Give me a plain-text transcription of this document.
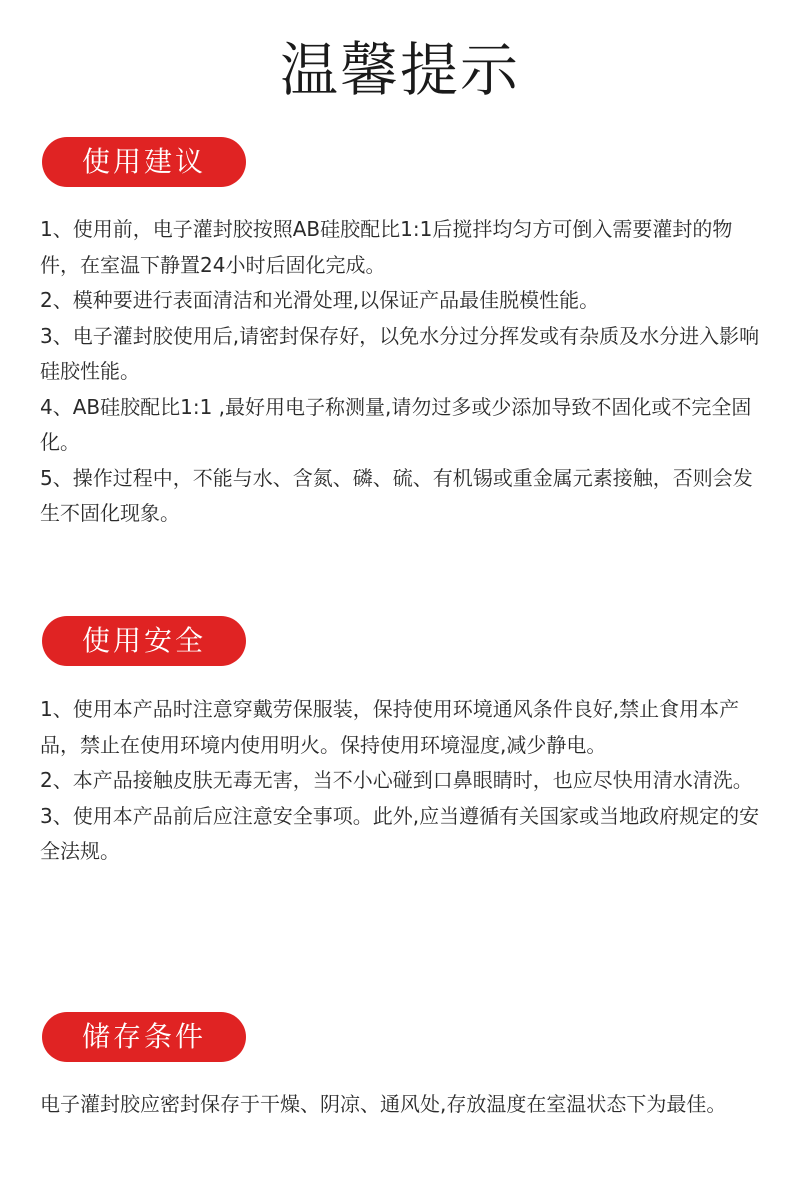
温馨提示
使用建议

1、使用前，电子灌封胶按照AB硅胶配比1:1后搅拌均匀方可倒入需要灌封的物件，在室温下静置24小时后固化完成。

2、模种要进行表面清洁和光滑处理,以保证产品最佳脱模性能。

3、电子灌封胶使用后,请密封保存好，以免水分过分挥发或有杂质及水分进入影响硅胶性能。

4、AB硅胶配比1:1 ,最好用电子称测量,请勿过多或少添加导致不固化或不完全固化。

5、操作过程中，不能与水、含氮、磷、硫、有机锡或重金属元素接触，否则会发生不固化现象。

使用安全

1、使用本产品时注意穿戴劳保服装，保持使用环境通风条件良好,禁止食用本产品，禁止在使用环境内使用明火。保持使用环境湿度,减少静电。

2、本产品接触皮肤无毒无害，当不小心碰到口鼻眼睛时，也应尽快用清水清洗。

3、使用本产品前后应注意安全事项。此外,应当遵循有关国家或当地政府规定的安全法规。

储存条件

电子灌封胶应密封保存于干燥、阴凉、通风处,存放温度在室温状态下为最佳。
